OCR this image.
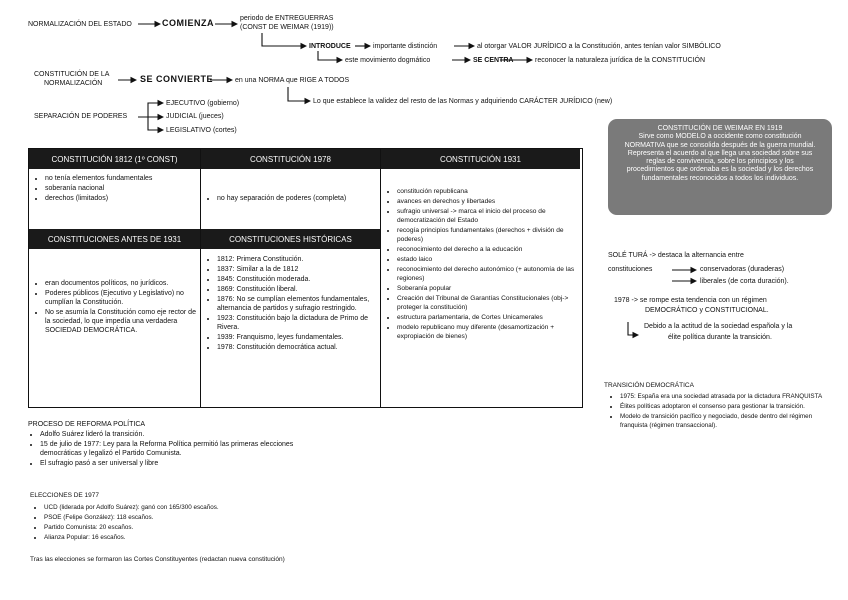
NORMALIZACIÓN DEL ESTADO	COMIENZA	periodo de ENTREGUERRAS
(CONST DE WEIMAR (1919))
INTRODUCE	importante distinción	al otorgar VALOR JURÍDICO a la Constitución, antes tenían valor SIMBÓLICO
este movimiento dogmático	SE CENTRA	reconocer la naturaleza jurídica de la CONSTITUCIÓN
CONSTITUCIÓN DE LA
NORMALIZACIÓN	SE CONVIERTE	en una NORMA que RIGE A TODOS
Lo que establece la validez del resto de las Normas y adquiriendo CARÁCTER JURÍDICO (new)
SEPARACIÓN DE PODERES
EJECUTIVO (gobierno)
JUDICIAL (jueces)
LEGISLATIVO (cortes)
CONSTITUCIÓN 1812 (1º CONST)
• no tenía elementos fundamentales
• soberanía nacional
• derechos (limitados)
CONSTITUCIONES ANTES DE 1931
• eran documentos políticos, no jurídicos.
• Poderes públicos (Ejecutivo y Legislativo) no cumplían la Constitución.
• No se asumía la Constitución como eje rector de la sociedad, lo que impedía una verdadera SOCIEDAD DEMOCRÁTICA.
CONSTITUCIÓN 1978
• no hay separación de poderes (completa)
CONSTITUCIONES HISTÓRICAS
• 1812: Primera Constitución.
• 1837: Similar a la de 1812
• 1845: Constitución moderada.
• 1869: Constitución liberal.
• 1876: No se cumplían elementos fundamentales, alternancia de partidos y sufragio restringido.
• 1923: Constitución bajo la dictadura de Primo de Rivera.
• 1939: Franquismo, leyes fundamentales.
• 1978: Constitución democrática actual.
CONSTITUCIÓN 1931
• constitución republicana
• avances en derechos y libertades
• sufragio universal -> marca el inicio del proceso de democratización del Estado
• recogía principios fundamentales (derechos + división de poderes)
• reconocimiento del derecho a la educación
• estado laico
• reconocimiento del derecho autonómico (+ autonomía de las regiones)
• Soberanía popular
• Creación del Tribunal de Garantías Constitucionales (obj-> proteger la constitución)
• estructura parlamentaria, de Cortes Unicamerales
• modelo republicano muy diferente (desamortización + expropiación de bienes)
CONSTITUCIÓN DE WEIMAR EN 1919
Sirve como MODELO a occidente como constitución
NORMATIVA que se consolida después de la guerra mundial.
Representa el acuerdo al que llega una sociedad sobre sus
reglas de convivencia, sobre los principios y los
procedimientos que ordenaba es la sociedad y los derechos
fundamentales reconocidos a todos los individuos.
SOLÉ TURÁ -> destaca la alternancia entre
constituciones	conservadoras (duraderas)
liberales (de corta duración).
1978 -> se rompe esta tendencia con un régimen
DEMOCRÁTICO y CONSTITUCIONAL.
Debido a la actitud de la sociedad española y la
élite política durante la transición.
TRANSICIÓN DEMOCRÁTICA
• 1975: España era una sociedad atrasada por la dictadura FRANQUISTA
• Élites políticas adoptaron el consenso para gestionar la transición.
• Modelo de transición pacífico y negociado, desde dentro del régimen franquista (régimen transaccional).
PROCESO DE REFORMA POLÍTICA
• Adolfo Suárez lideró la transición.
• 15 de julio de 1977: Ley para la Reforma Política permitió las primeras elecciones democráticas y legalizó el Partido Comunista.
• El sufragio pasó a ser universal y libre
ELECCIONES DE 1977
• UCD (liderada por Adolfo Suárez): ganó con 165/300 escaños.
• PSOE (Felipe González): 118 escaños.
• Partido Comunista: 20 escaños.
• Alianza Popular: 16 escaños.
Tras las elecciones se formaron las Cortes Constituyentes (redactan nueva constitución)
